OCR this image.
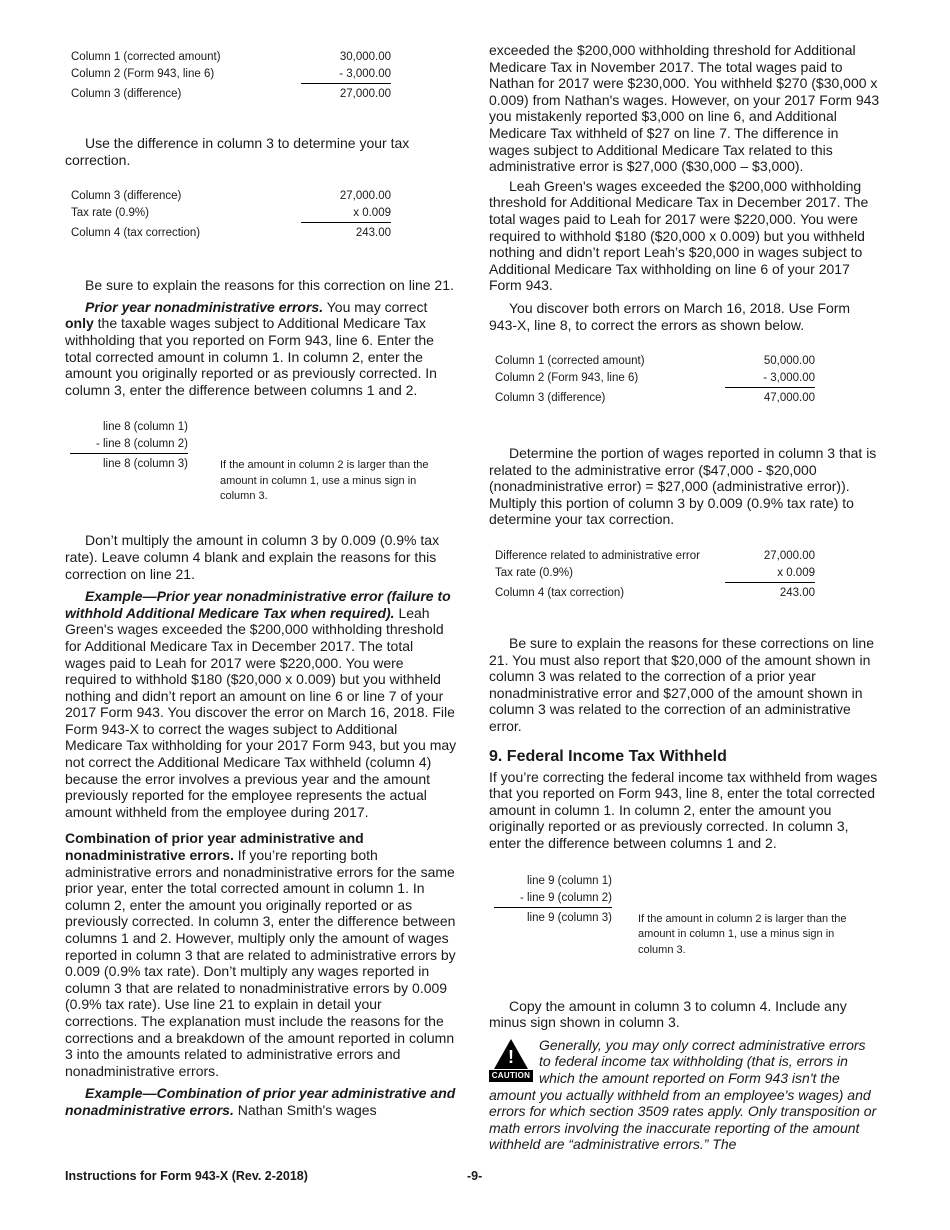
Column 1 (corrected amount)	30,000.00
Column 2 (Form 943, line 6)	- 3,000.00
Column 3 (difference)	27,000.00

Use the difference in column 3 to determine your tax correction.

Column 3 (difference)	27,000.00
Tax rate (0.9%)	x 0.009
Column 4 (tax correction)	243.00

Be sure to explain the reasons for this correction on line 21.

Prior year nonadministrative errors. You may correct only the taxable wages subject to Additional Medicare Tax withholding that you reported on Form 943, line 6. Enter the total corrected amount in column 1. In column 2, enter the amount you originally reported or as previously corrected. In column 3, enter the difference between columns 1 and 2.

line 8 (column 1)
- line 8 (column 2)
line 8 (column 3)	If the amount in column 2 is larger than the amount in column 1, use a minus sign in column 3.

Don’t multiply the amount in column 3 by 0.009 (0.9% tax rate). Leave column 4 blank and explain the reasons for this correction on line 21.

Example—Prior year nonadministrative error (failure to withhold Additional Medicare Tax when required). Leah Green's wages exceeded the $200,000 withholding threshold for Additional Medicare Tax in December 2017. The total wages paid to Leah for 2017 were $220,000. You were required to withhold $180 ($20,000 x 0.009) but you withheld nothing and didn’t report an amount on line 6 or line 7 of your 2017 Form 943. You discover the error on March 16, 2018. File Form 943-X to correct the wages subject to Additional Medicare Tax withholding for your 2017 Form 943, but you may not correct the Additional Medicare Tax withheld (column 4) because the error involves a previous year and the amount previously reported for the employee represents the actual amount withheld from the employee during 2017.

Combination of prior year administrative and nonadministrative errors. If you’re reporting both administrative errors and nonadministrative errors for the same prior year, enter the total corrected amount in column 1. In column 2, enter the amount you originally reported or as previously corrected. In column 3, enter the difference between columns 1 and 2. However, multiply only the amount of wages reported in column 3 that are related to administrative errors by 0.009 (0.9% tax rate). Don’t multiply any wages reported in column 3 that are related to nonadministrative errors by 0.009 (0.9% tax rate). Use line 21 to explain in detail your corrections. The explanation must include the reasons for the corrections and a breakdown of the amount reported in column 3 into the amounts related to administrative errors and nonadministrative errors.

Example—Combination of prior year administrative and nonadministrative errors. Nathan Smith's wages

exceeded the $200,000 withholding threshold for Additional Medicare Tax in November 2017. The total wages paid to Nathan for 2017 were $230,000. You withheld $270 ($30,000 x 0.009) from Nathan's wages. However, on your 2017 Form 943 you mistakenly reported $3,000 on line 6, and Additional Medicare Tax withheld of $27 on line 7. The difference in wages subject to Additional Medicare Tax related to this administrative error is $27,000 ($30,000 – $3,000).

Leah Green's wages exceeded the $200,000 withholding threshold for Additional Medicare Tax in December 2017. The total wages paid to Leah for 2017 were $220,000. You were required to withhold $180 ($20,000 x 0.009) but you withheld nothing and didn’t report Leah’s $20,000 in wages subject to Additional Medicare Tax withholding on line 6 of your 2017 Form 943.

You discover both errors on March 16, 2018. Use Form 943-X, line 8, to correct the errors as shown below.

Column 1 (corrected amount)	50,000.00
Column 2 (Form 943, line 6)	- 3,000.00
Column 3 (difference)	47,000.00

Determine the portion of wages reported in column 3 that is related to the administrative error ($47,000 - $20,000 (nonadministrative error) = $27,000 (administrative error)). Multiply this portion of column 3 by 0.009 (0.9% tax rate) to determine your tax correction.

Difference related to administrative error	27,000.00
Tax rate (0.9%)	x 0.009
Column 4 (tax correction)	243.00

Be sure to explain the reasons for these corrections on line 21. You must also report that $20,000 of the amount shown in column 3 was related to the correction of a prior year nonadministrative error and $27,000 of the amount shown in column 3 was related to the correction of an administrative error.

9. Federal Income Tax Withheld

If you’re correcting the federal income tax withheld from wages that you reported on Form 943, line 8, enter the total corrected amount in column 1. In column 2, enter the amount you originally reported or as previously corrected. In column 3, enter the difference between columns 1 and 2.

line 9 (column 1)
- line 9 (column 2)
line 9 (column 3) If the amount in column 2 is larger than the amount in column 1, use a minus sign in column 3.

Copy the amount in column 3 to column 4. Include any minus sign shown in column 3.

!
CAUTION

Generally, you may only correct administrative errors to federal income tax withholding (that is, errors in which the amount reported on Form 943 isn't the amount you actually withheld from an employee's wages) and errors for which section 3509 rates apply. Only transposition or math errors involving the inaccurate reporting of the amount withheld are “administrative errors.” The

Instructions for Form 943-X (Rev. 2-2018)	-9-
